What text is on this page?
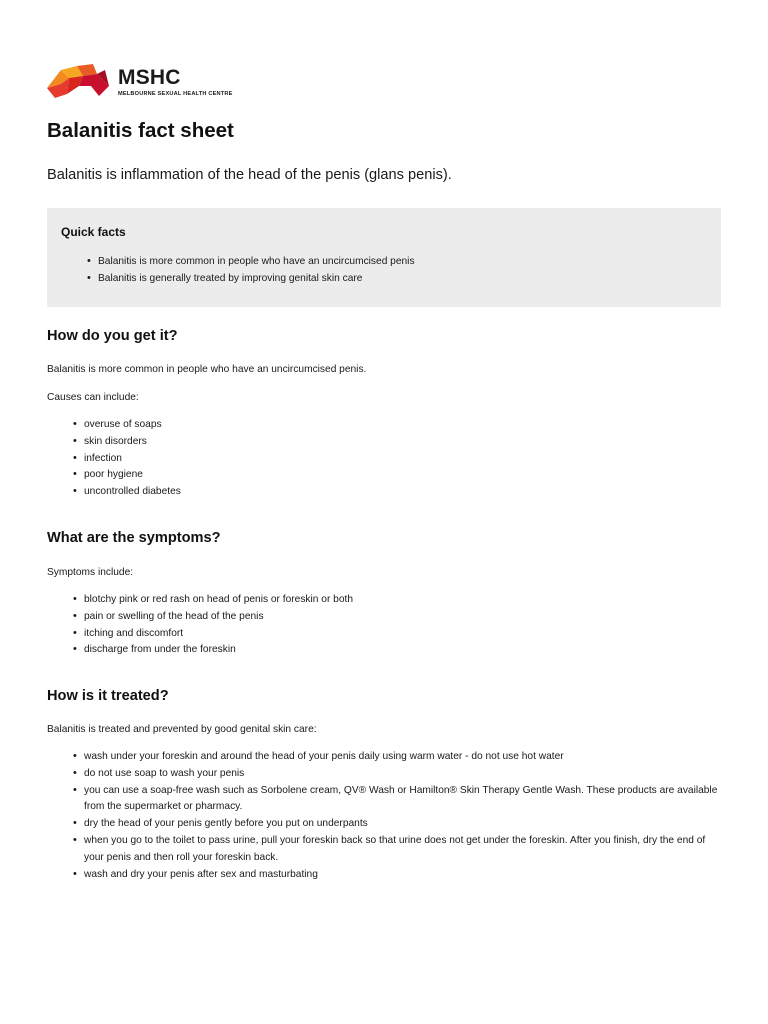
MSHC
MELBOURNE SEXUAL HEALTH CENTRE
Balanitis fact sheet

Balanitis is inflammation of the head of the penis (glans penis).

Quick facts
• Balanitis is more common in people who have an uncircumcised penis
• Balanitis is generally treated by improving genital skin care
How do you get it?

Balanitis is more common in people who have an uncircumcised penis.

Causes can include:

• overuse of soaps
• skin disorders
• infection
• poor hygiene
• uncontrolled diabetes
What are the symptoms?

Symptoms include:

• blotchy pink or red rash on head of penis or foreskin or both
• pain or swelling of the head of the penis
• itching and discomfort
• discharge from under the foreskin
How is it treated?

Balanitis is treated and prevented by good genital skin care:

• wash under your foreskin and around the head of your penis daily using warm water - do not use hot water
• do not use soap to wash your penis
• you can use a soap-free wash such as Sorbolene cream, QV® Wash or Hamilton® Skin Therapy Gentle Wash. These products are available from the supermarket or pharmacy.
• dry the head of your penis gently before you put on underpants
• when you go to the toilet to pass urine, pull your foreskin back so that urine does not get under the foreskin. After you finish, dry the end of your penis and then roll your foreskin back.
• wash and dry your penis after sex and masturbating
